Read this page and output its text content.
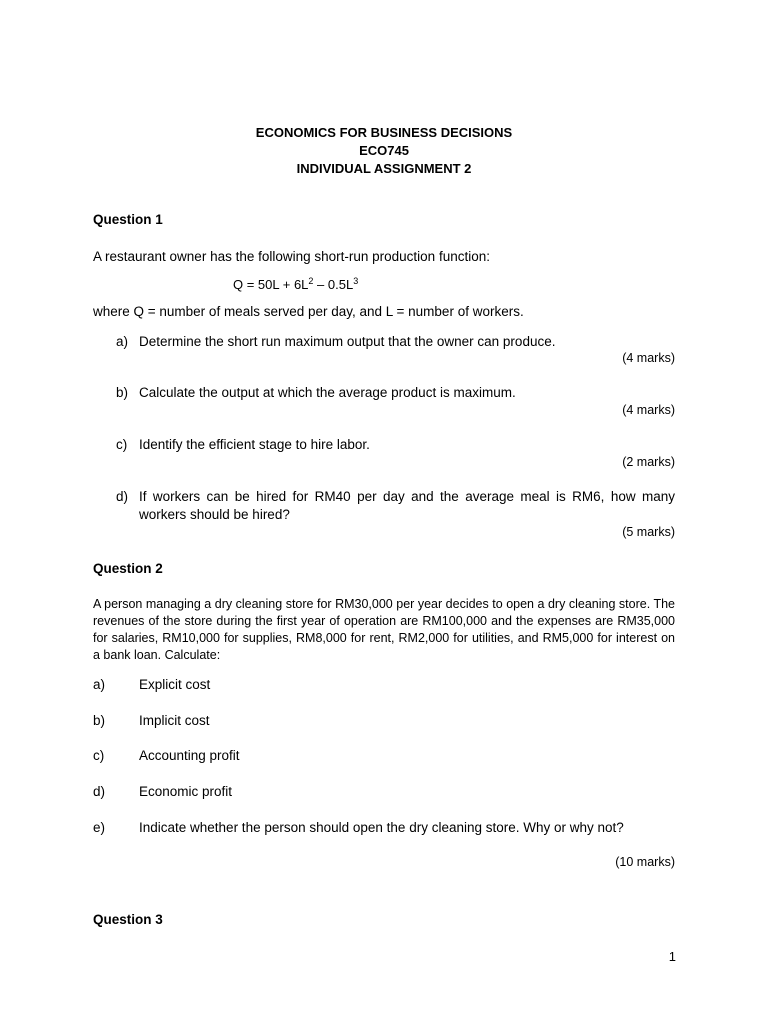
ECONOMICS FOR BUSINESS DECISIONS
ECO745
INDIVIDUAL ASSIGNMENT 2
Question 1
A restaurant owner has the following short-run production function:
$Q = 50L + 6L^2 - 0.5L^3$
where Q = number of meals served per day, and L = number of workers.
a) Determine the short run maximum output that the owner can produce.
(4 marks)
b) Calculate the output at which the average product is maximum.
(4 marks)
c) Identify the efficient stage to hire labor.
(2 marks)
d) If workers can be hired for RM40 per day and the average meal is RM6, how many
workers should be hired?
(5 marks)
Question 2
A person managing a dry cleaning store for RM30,000 per year decides to open a dry cleaning store. The revenues of the store during the first year of operation are RM100,000 and the expenses are RM35,000 for salaries, RM10,000 for supplies, RM8,000 for rent, RM2,000 for utilities, and RM5,000 for interest on a bank loan. Calculate:
a)	Explicit cost
b)	Implicit cost
c)	Accounting profit
d)	Economic profit
e)	Indicate whether the person should open the dry cleaning store. Why or why not?
(10 marks)
Question 3
1
